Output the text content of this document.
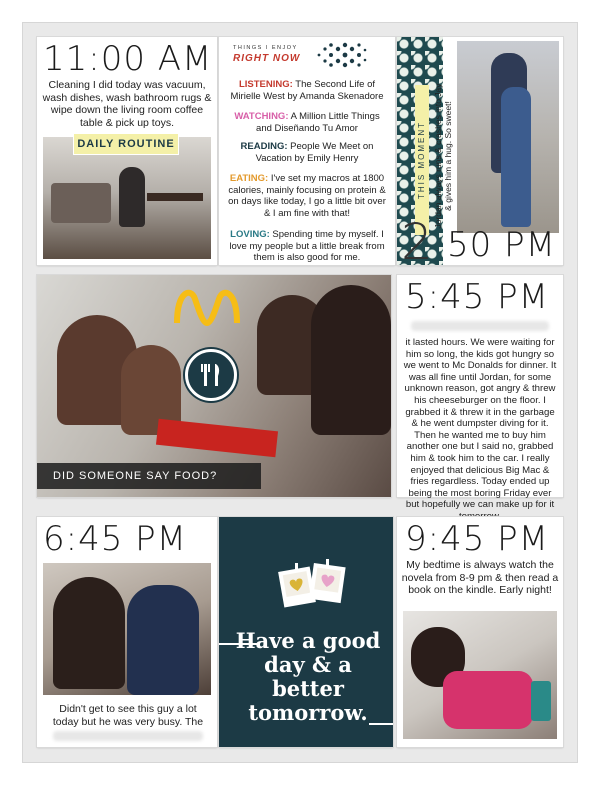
11:00 AM
Cleaning I did today was vacuum, wash dishes, wash bathroom rugs & wipe down the living room coffee table & pick up toys.
DAILY ROUTINE
THINGS I ENJOY
RIGHT NOW
LISTENING: The Second Life of Mirielle West by Amanda Skenadore
WATCHING: A Million Little Things and Diseñando Tu Amor
READING: People We Meet on Vacation by Emily Henry
EATING: I've set my macros at 1800 calories, mainly focusing on protein & on days like today, I go a little bit over & I am fine with that!
LOVING: Spending time by myself. I love my people but a little break from them is also good for me.
THIS MOMENT Jordan always runs & crashes into Jay & gives him a hug. So sweet!
2 50 PM
DID SOMEONE SAY FOOD?
5:45 PM
it lasted hours. We were waiting for him so long, the kids got hungry so we went to Mc Donalds for dinner. It was all fine until Jordan, for some unknown reason, got angry & threw his cheeseburger on the floor. I grabbed it & threw it in the garbage & he went dumpster diving for it. Then he wanted me to buy him another one but I said no, grabbed him & took him to the car. I really enjoyed that delicious Big Mac & fries regardless. Today ended up being the most boring Friday ever but hopefully we can make up for it
6:45 PM
Didn't get to see this guy a lot today but he was very busy. The
Have a good day & a better tomorrow.
9:45 PM
My bedtime is always watch the novela from 8-9 pm & then read a book on the kindle. Early night!
